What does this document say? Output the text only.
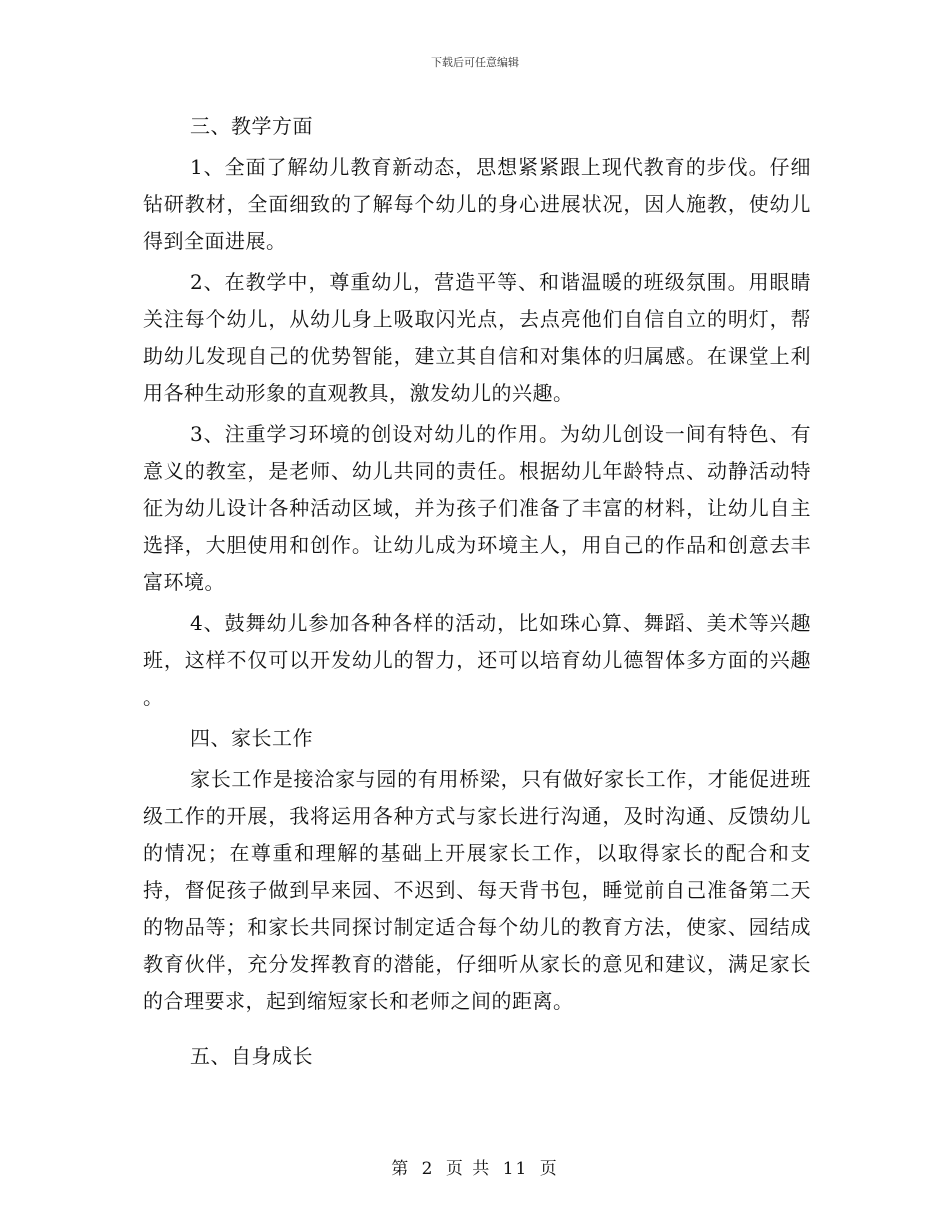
下载后可任意编辑

三、教学方面

1、全面了解幼儿教育新动态，思想紧紧跟上现代教育的步伐。仔细钻研教材，全面细致的了解每个幼儿的身心进展状况，因人施教，使幼儿得到全面进展。

2、在教学中，尊重幼儿，营造平等、和谐温暖的班级氛围。用眼睛关注每个幼儿，从幼儿身上吸取闪光点，去点亮他们自信自立的明灯，帮助幼儿发现自己的优势智能，建立其自信和对集体的归属感。在课堂上利用各种生动形象的直观教具，激发幼儿的兴趣。

3、注重学习环境的创设对幼儿的作用。为幼儿创设一间有特色、有意义的教室，是老师、幼儿共同的责任。根据幼儿年龄特点、动静活动特征为幼儿设计各种活动区域，并为孩子们准备了丰富的材料，让幼儿自主选择，大胆使用和创作。让幼儿成为环境主人，用自己的作品和创意去丰富环境。

4、鼓舞幼儿参加各种各样的活动，比如珠心算、舞蹈、美术等兴趣班，这样不仅可以开发幼儿的智力，还可以培育幼儿德智体多方面的兴趣 。

四、家长工作

家长工作是接洽家与园的有用桥梁，只有做好家长工作，才能促进班级工作的开展，我将运用各种方式与家长进行沟通，及时沟通、反馈幼儿的情况；在尊重和理解的基础上开展家长工作，以取得家长的配合和支持，督促孩子做到早来园、不迟到、每天背书包，睡觉前自己准备第二天的物品等；和家长共同探讨制定适合每个幼儿的教育方法，使家、园结成教育伙伴，充分发挥教育的潜能，仔细听从家长的意见和建议，满足家长的合理要求，起到缩短家长和老师之间的距离。

五、自身成长

第 2 页 共 11 页
